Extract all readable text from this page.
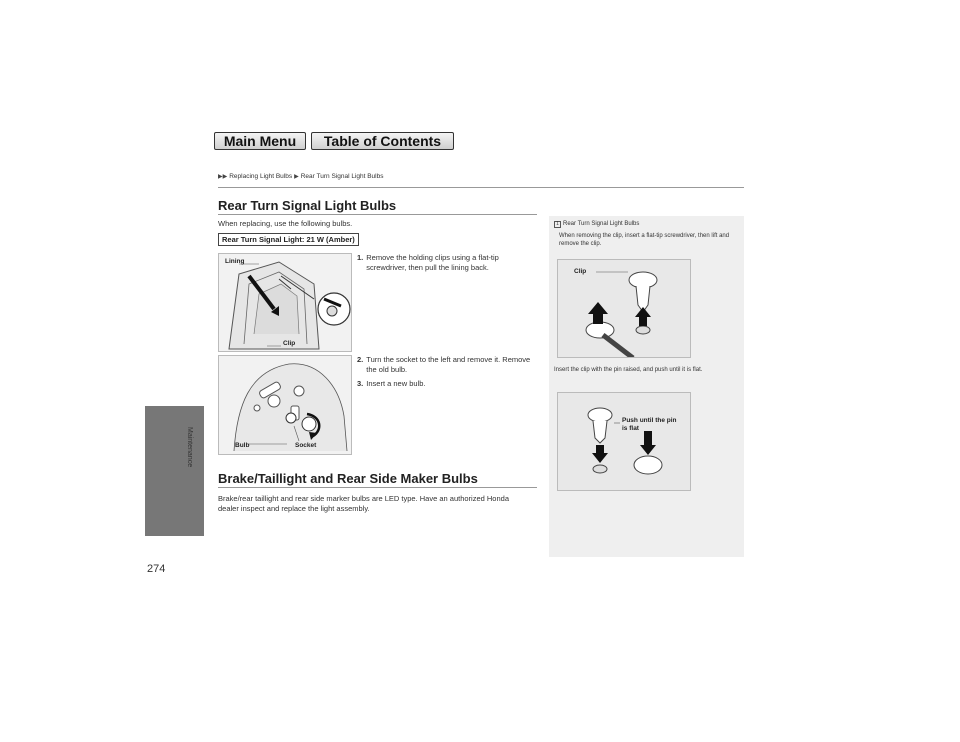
Main Menu	Table of Contents
▶▶ Replacing Light Bulbs ▶ Rear Turn Signal Light Bulbs
Rear Turn Signal Light Bulbs
When replacing, use the following bulbs.
Rear Turn Signal Light: 21 W (Amber)
Lining
Clip
Bulb	Socket
1. Remove the holding clips using a flat-tip screwdriver, then pull the lining back.
2. Turn the socket to the left and remove it. Remove the old bulb.
3. Insert a new bulb.
Brake/Taillight and Rear Side Maker Bulbs
Brake/rear taillight and rear side marker bulbs are LED type. Have an authorized Honda dealer inspect and replace the light assembly.
1 Rear Turn Signal Light Bulbs
When removing the clip, insert a flat-tip screwdriver, then lift and remove the clip.
Clip
Insert the clip with the pin raised, and push until it is flat.
Push until the pin is flat
Maintenance
274
